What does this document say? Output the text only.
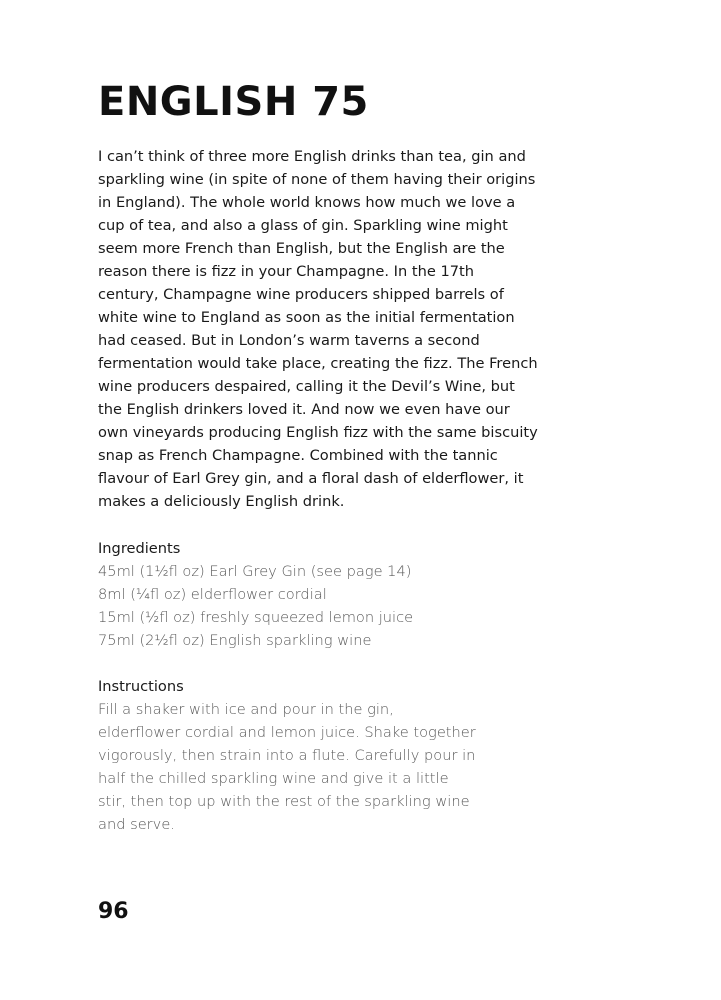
ENGLISH 75

I can’t think of three more English drinks than tea, gin and sparkling wine (in spite of none of them having their origins in England). The whole world knows how much we love a cup of tea, and also a glass of gin. Sparkling wine might seem more French than English, but the English are the reason there is fizz in your Champagne. In the 17th century, Champagne wine producers shipped barrels of white wine to England as soon as the initial fermentation had ceased. But in London’s warm taverns a second fermentation would take place, creating the fizz. The French wine producers despaired, calling it the Devil’s Wine, but the English drinkers loved it. And now we even have our own vineyards producing English fizz with the same biscuity snap as French Champagne. Combined with the tannic flavour of Earl Grey gin, and a floral dash of elderflower, it makes a deliciously English drink.

Ingredients
45ml (1½fl oz) Earl Grey Gin (see page 14)
8ml (¼fl oz) elderflower cordial
15ml (½fl oz) freshly squeezed lemon juice
75ml (2½fl oz) English sparkling wine
Instructions

Fill a shaker with ice and pour in the gin, elderflower cordial and lemon juice. Shake together vigorously, then strain into a flute. Carefully pour in half the chilled sparkling wine and give it a little stir, then top up with the rest of the sparkling wine and serve.

96
